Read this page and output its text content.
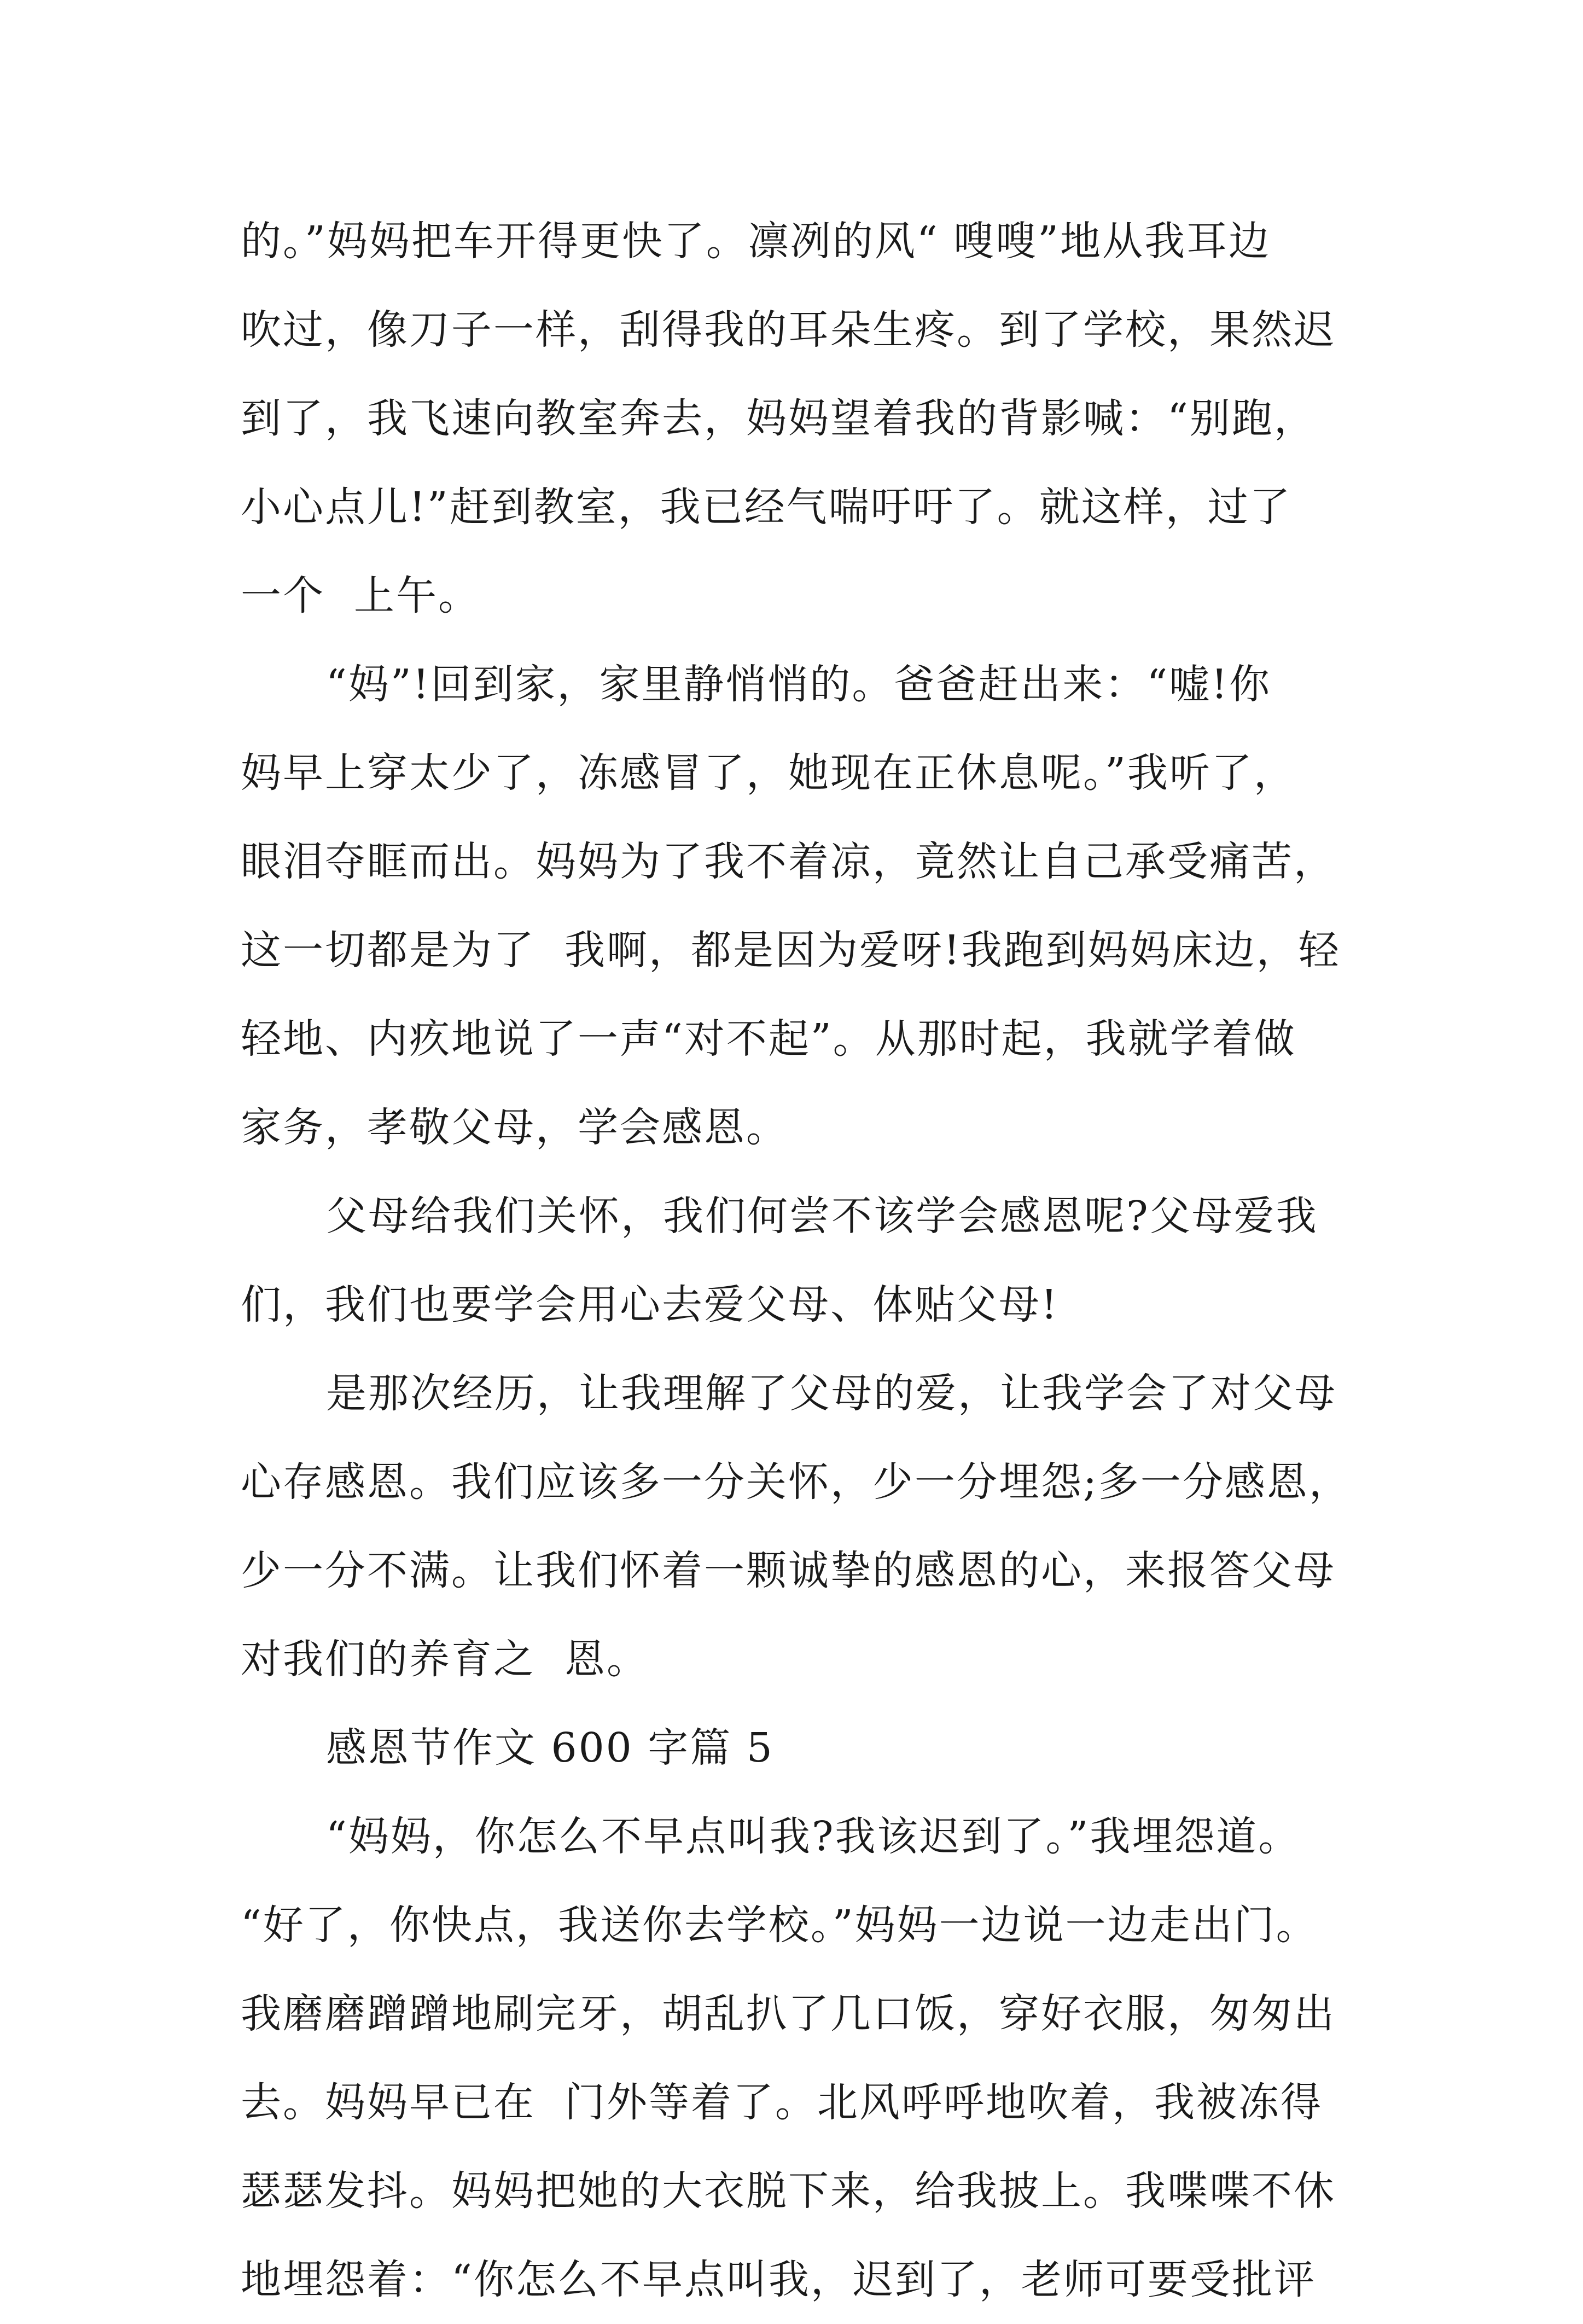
的。”妈妈把车开得更快了。凛冽的风“ 嗖嗖”地从我耳边
吹过，像刀子一样，刮得我的耳朵生疼。到了学校，果然迟
到了，我飞速向教室奔去，妈妈望着我的背影喊：“别跑，
小心点儿!”赶到教室，我已经气喘吁吁了。就这样，过了
一个  上午。
“妈”!回到家，家里静悄悄的。爸爸赶出来：“嘘!你
妈早上穿太少了，冻感冒了，她现在正休息呢。”我听了，
眼泪夺眶而出。妈妈为了我不着凉，竟然让自己承受痛苦，
这一切都是为了  我啊，都是因为爱呀!我跑到妈妈床边，轻
轻地、内疚地说了一声“对不起”。从那时起，我就学着做
家务，孝敬父母，学会感恩。
父母给我们关怀，我们何尝不该学会感恩呢?父母爱我
们，我们也要学会用心去爱父母、体贴父母!
是那次经历，让我理解了父母的爱，让我学会了对父母
心存感恩。我们应该多一分关怀，少一分埋怨;多一分感恩，
少一分不满。让我们怀着一颗诚挚的感恩的心，来报答父母
对我们的养育之  恩。
感恩节作文 600 字篇 5
“妈妈，你怎么不早点叫我?我该迟到了。”我埋怨道。
“好了，你快点，我送你去学校。”妈妈一边说一边走出门。
我磨磨蹭蹭地刷完牙，胡乱扒了几口饭，穿好衣服，匆匆出
去。妈妈早已在  门外等着了。北风呼呼地吹着，我被冻得
瑟瑟发抖。妈妈把她的大衣脱下来，给我披上。我喋喋不休
地埋怨着：“你怎么不早点叫我，迟到了，老师可要受批评
